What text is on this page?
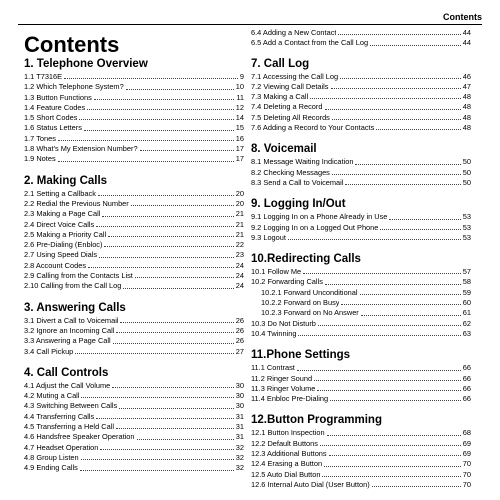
Contents
Contents
1. Telephone Overview
1.1 T7316E	9
1.2 Which Telephone System?	10
1.3 Button Functions	11
1.4 Feature Codes	12
1.5 Short Codes	14
1.6 Status Letters	15
1.7 Tones	16
1.8 What's My Extension Number?	17
1.9 Notes	17
2. Making Calls
2.1 Setting a Callback	20
2.2 Redial the Previous Number	20
2.3 Making a Page Call	21
2.4 Direct Voice Calls	21
2.5 Making a Priority Call	21
2.6 Pre-Dialing (Enbloc)	22
2.7 Using Speed Dials	23
2.8 Account Codes	24
2.9 Calling from the Contacts List	24
2.10 Calling from the Call Log	24
3. Answering Calls
3.1 Divert a Call to Voicemail	26
3.2 Ignore an Incoming Call	26
3.3 Answering a Page Call	26
3.4 Call Pickup	27
4. Call Controls
4.1 Adjust the Call Volume	30
4.2 Muting a Call	30
4.3 Switching Between Calls	30
4.4 Transferring Calls	31
4.5 Transferring a Held Call	31
4.6 Handsfree Speaker Operation	31
4.7 Headset Operation	32
4.8 Group Listen	32
4.9 Ending Calls	32
6.4 Adding a New Contact	44
6.5 Add a Contact from the Call Log	44
7. Call Log
7.1 Accessing the Call Log	46
7.2 Viewing Call Details	47
7.3 Making a Call	48
7.4 Deleting a Record	48
7.5 Deleting All Records	48
7.6 Adding a Record to Your Contacts	48
8. Voicemail
8.1 Message Waiting Indication	50
8.2 Checking Messages	50
8.3 Send a Call to Voicemail	50
9. Logging In/Out
9.1 Logging In on a Phone Already in Use	53
9.2 Logging In on a Logged Out Phone	53
9.3 Logout	53
10.Redirecting Calls
10.1 Follow Me	57
10.2 Forwarding Calls	58
10.2.1 Forward Unconditional	59
10.2.2 Forward on Busy	60
10.2.3 Forward on No Answer	61
10.3 Do Not Disturb	62
10.4 Twinning	63
11.Phone Settings
11.1 Contrast	66
11.2 Ringer Sound	66
11.3 Ringer Volume	66
11.4 Enbloc Pre-Dialing	66
12.Button Programming
12.1 Button Inspection	68
12.2 Default Buttons	69
12.3 Additional Buttons	69
12.4 Erasing a Button	70
12.5 Auto Dial Button	70
12.6 Internal Auto Dial (User Button)	70
